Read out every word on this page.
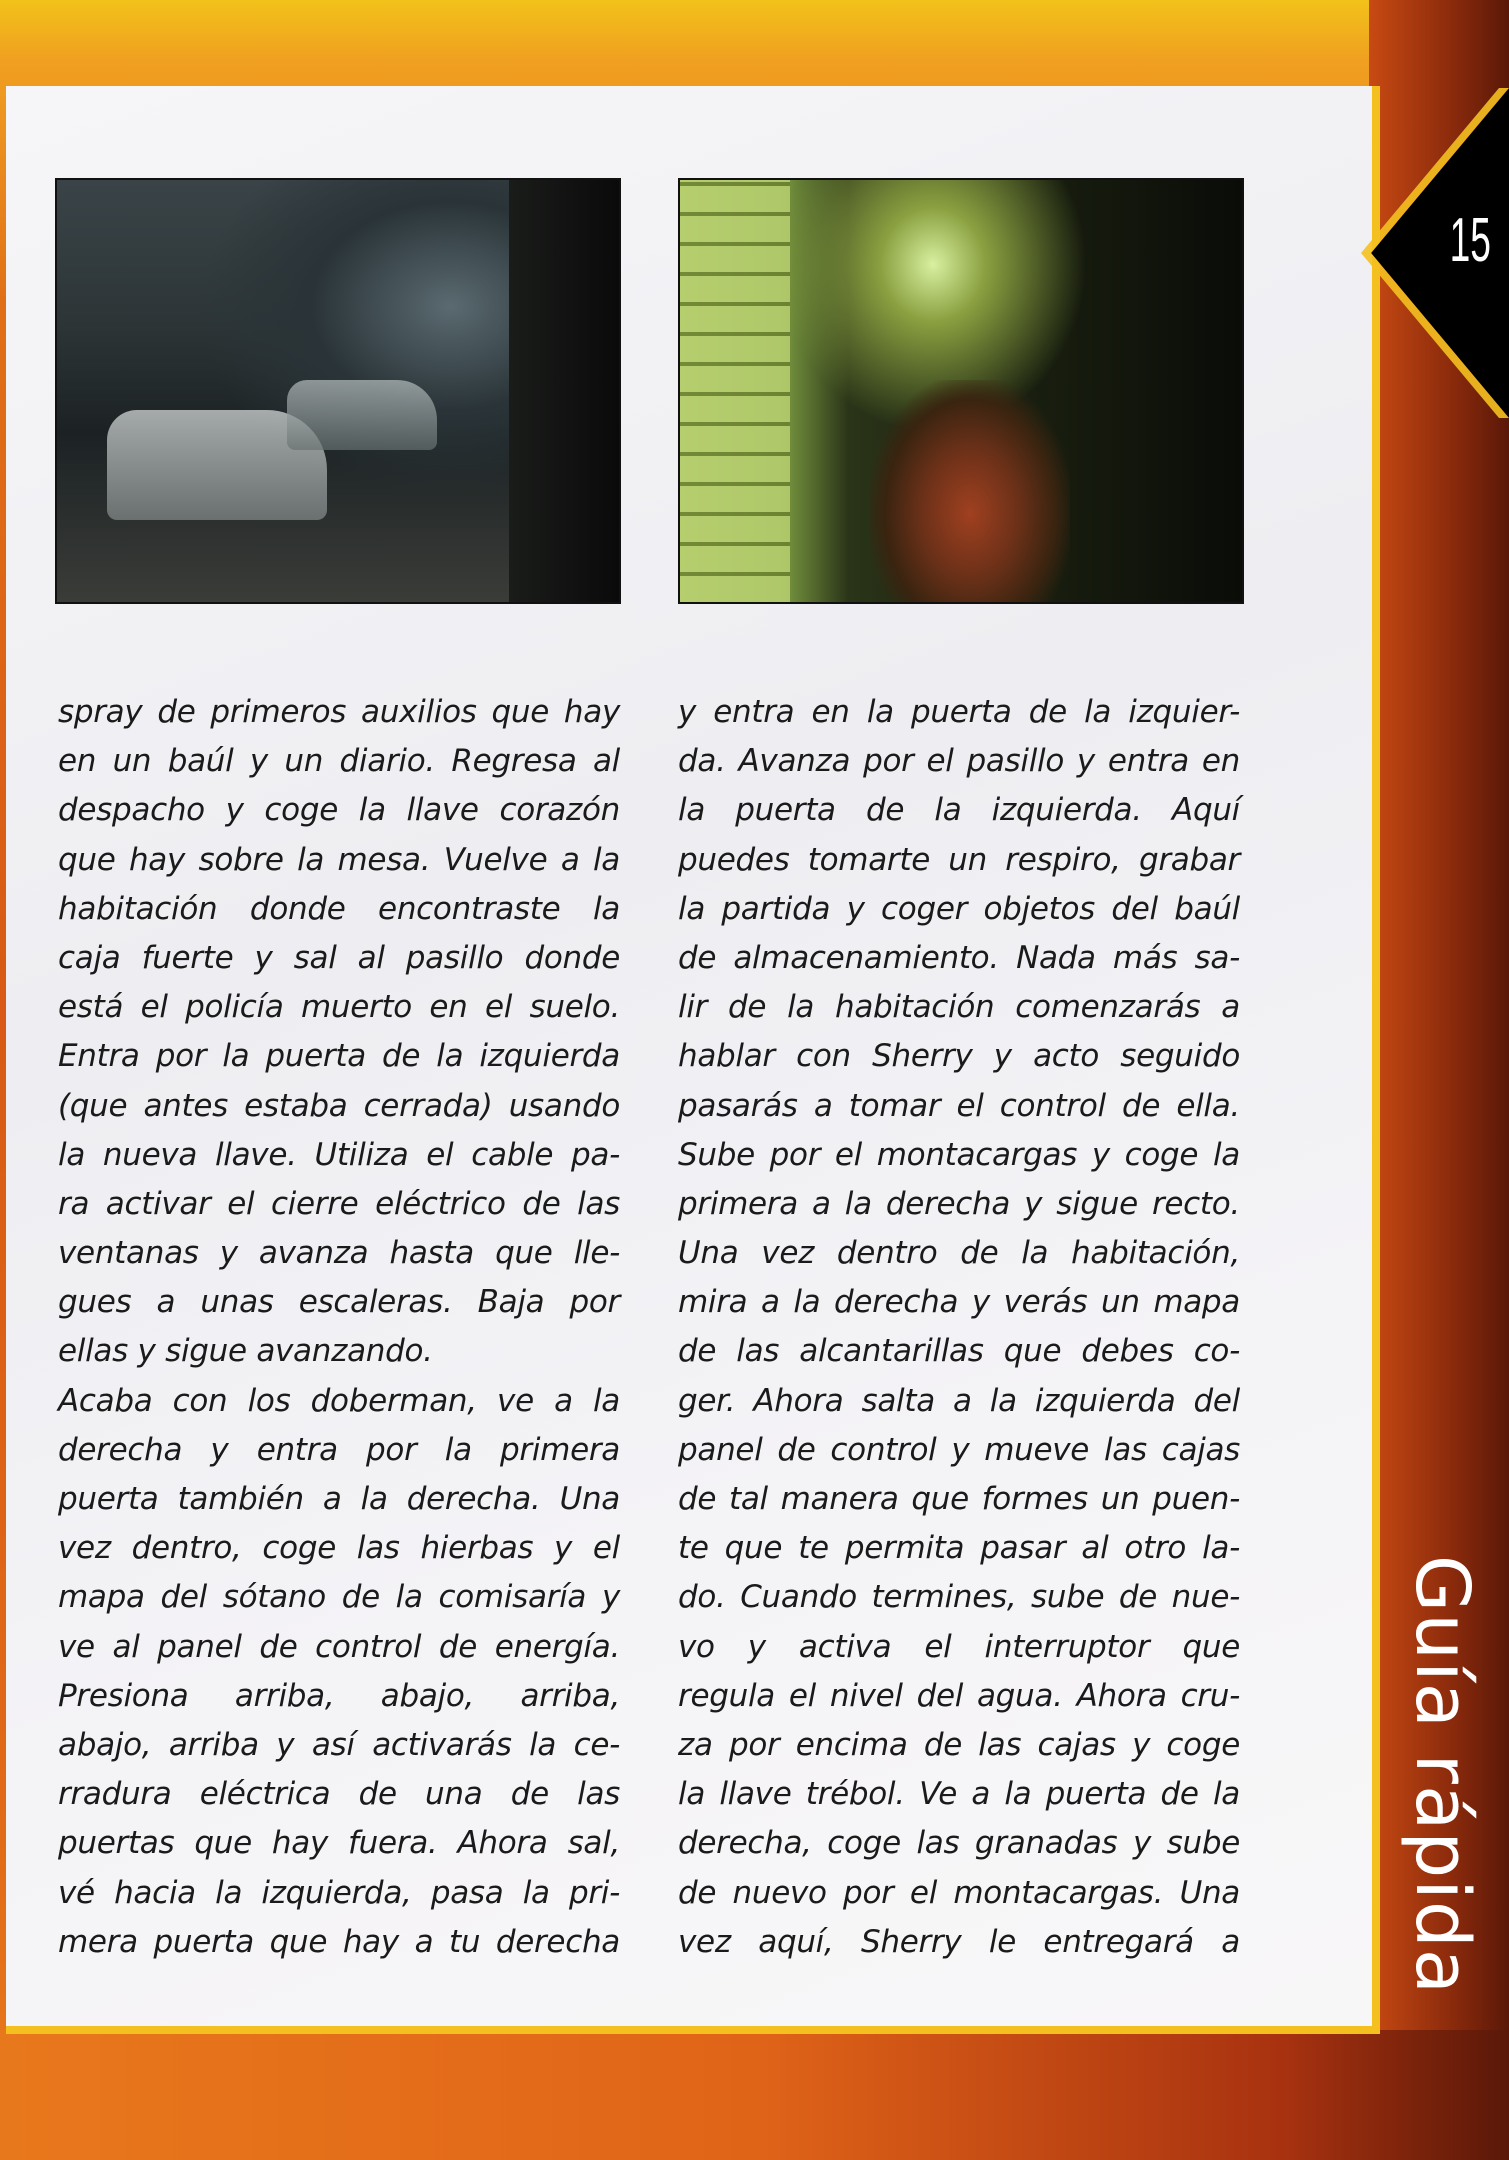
spray de primeros auxilios que hay
en un baúl y un diario. Regresa al
despacho y coge la llave corazón
que hay sobre la mesa. Vuelve a la
habitación donde encontraste la
caja fuerte y sal al pasillo donde
está el policía muerto en el suelo.
Entra por la puerta de la izquierda
(que antes estaba cerrada) usando
la nueva llave. Utiliza el cable pa-
ra activar el cierre eléctrico de las
ventanas y avanza hasta que lle-
gues a unas escaleras. Baja por
ellas y sigue avanzando.
Acaba con los doberman, ve a la
derecha y entra por la primera
puerta también a la derecha. Una
vez dentro, coge las hierbas y el
mapa del sótano de la comisaría y
ve al panel de control de energía.
Presiona arriba, abajo, arriba,
abajo, arriba y así activarás la ce-
rradura eléctrica de una de las
puertas que hay fuera. Ahora sal,
vé hacia la izquierda, pasa la pri-
mera puerta que hay a tu derecha
y entra en la puerta de la izquier-
da. Avanza por el pasillo y entra en
la puerta de la izquierda. Aquí
puedes tomarte un respiro, grabar
la partida y coger objetos del baúl
de almacenamiento. Nada más sa-
lir de la habitación comenzarás a
hablar con Sherry y acto seguido
pasarás a tomar el control de ella.
Sube por el montacargas y coge la
primera a la derecha y sigue recto.
Una vez dentro de la habitación,
mira a la derecha y verás un mapa
de las alcantarillas que debes co-
ger. Ahora salta a la izquierda del
panel de control y mueve las cajas
de tal manera que formes un puen-
te que te permita pasar al otro la-
do. Cuando termines, sube de nue-
vo y activa el interruptor que
regula el nivel del agua. Ahora cru-
za por encima de las cajas y coge
la llave trébol. Ve a la puerta de la
derecha, coge las granadas y sube
de nuevo por el montacargas. Una
vez aquí, Sherry le entregará a
15
Guía rápida
